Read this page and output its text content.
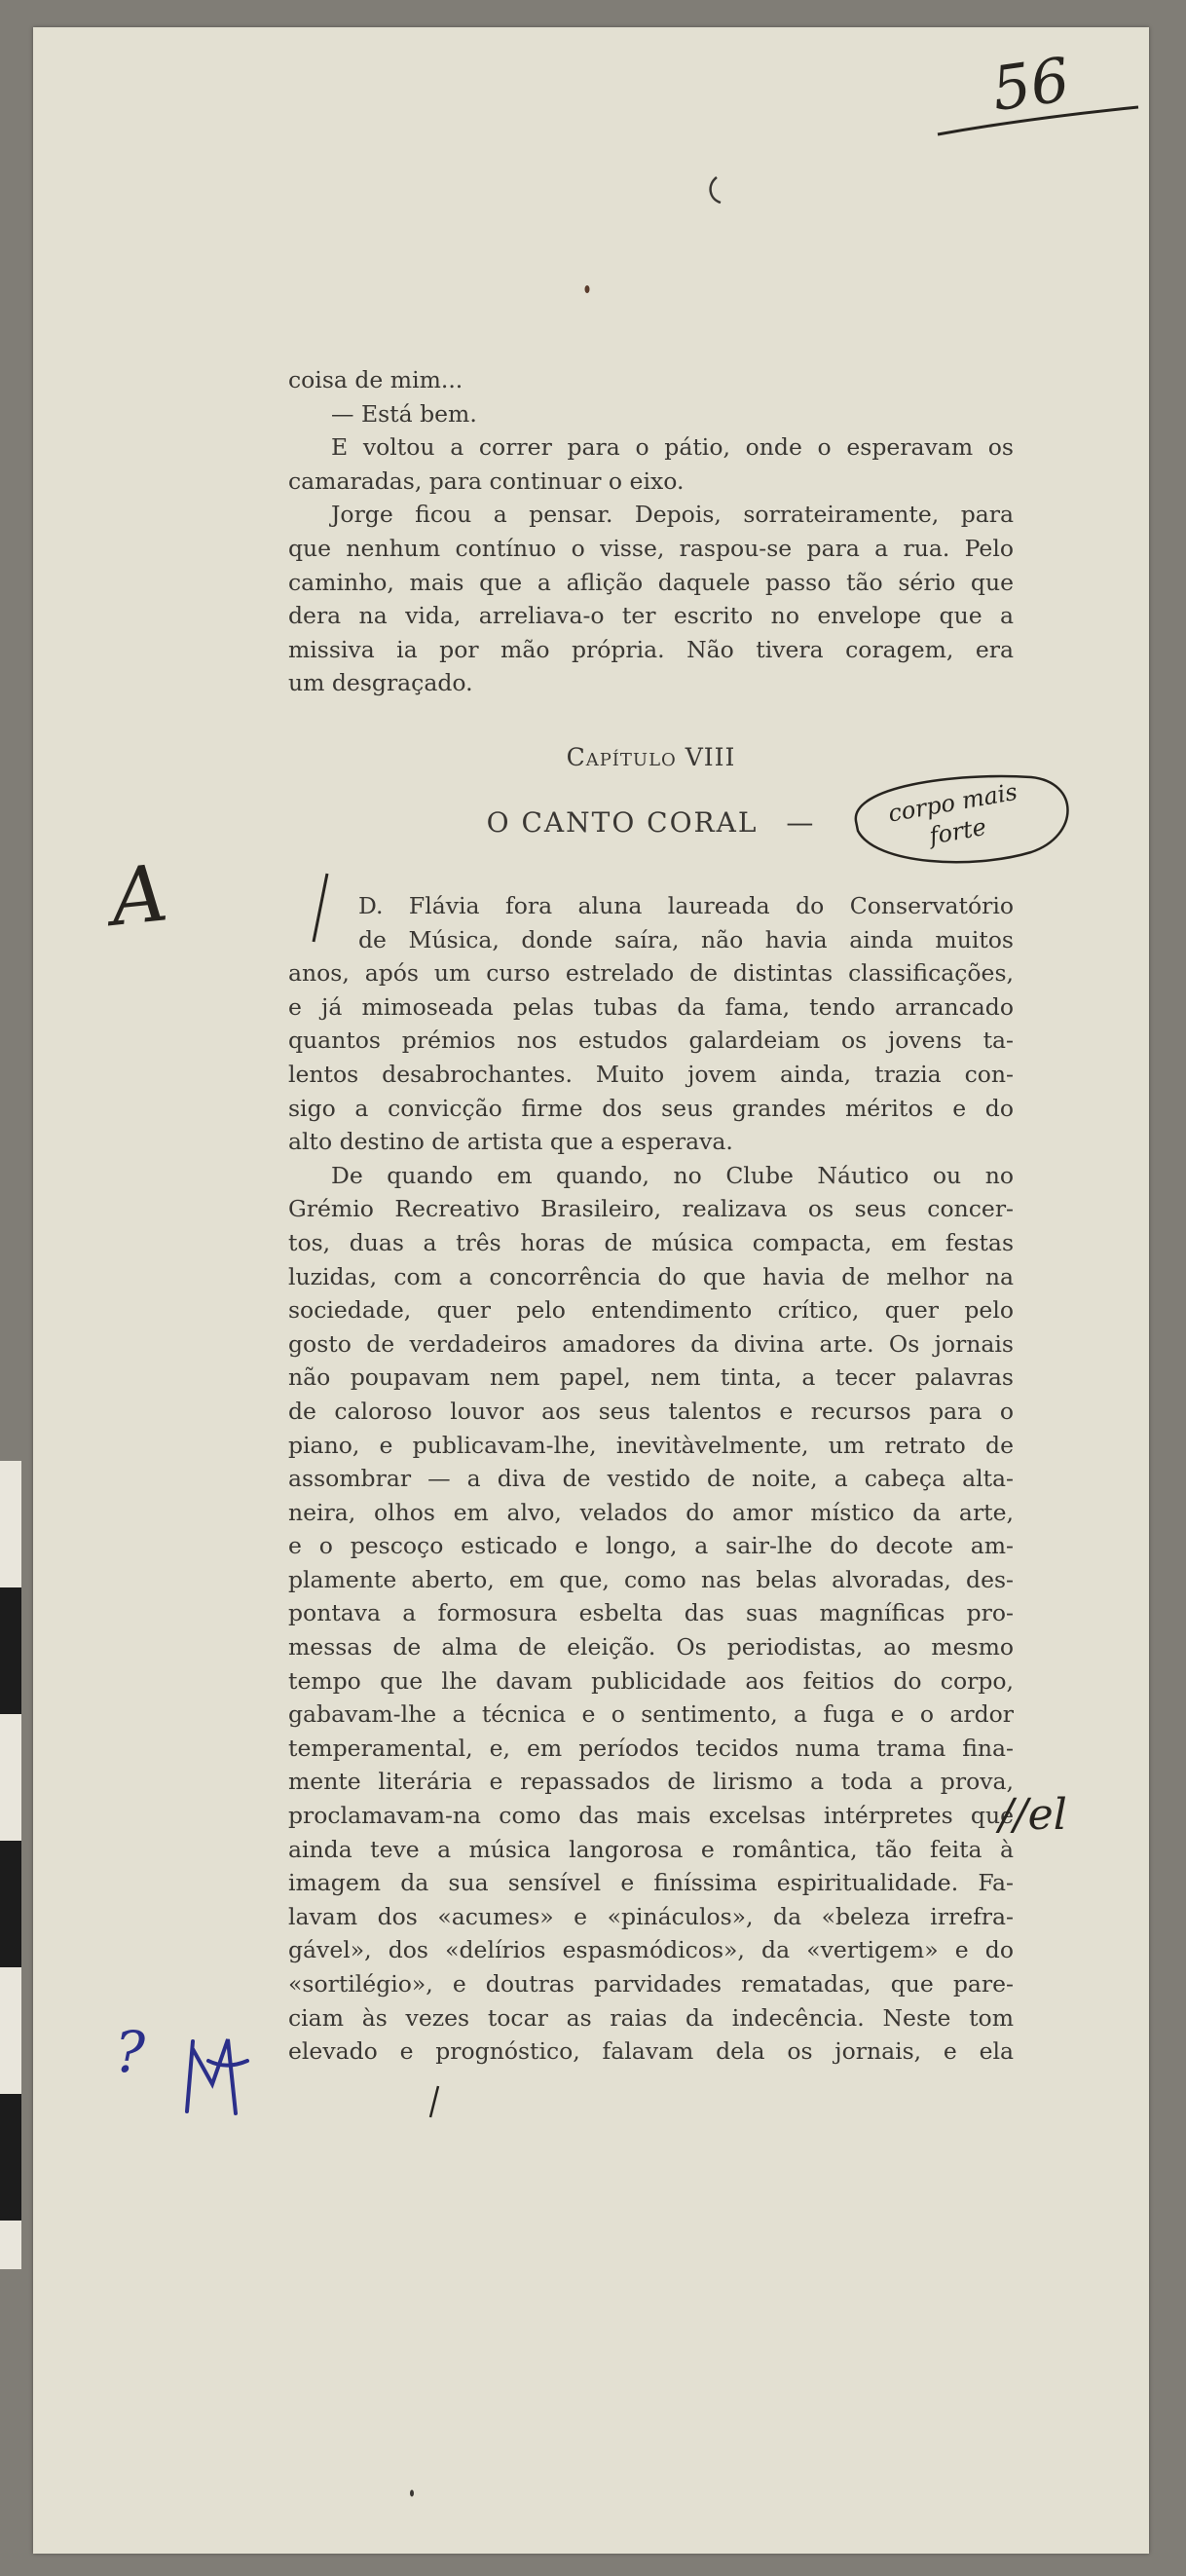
56
coisa de mim...
— Está bem.
E voltou a correr para o pátio, onde o esperavam os
camaradas, para continuar o eixo.
Jorge ficou a pensar. Depois, sorrateiramente, para
que nenhum contínuo o visse, raspou-se para a rua. Pelo
caminho, mais que a aflição daquele passo tão sério que
dera na vida, arreliava-o ter escrito no envelope que a
missiva ia por mão própria. Não tivera coragem, era
um desgraçado.
Capítulo VIII
O CANTO CORAL —
D. Flávia fora aluna laureada do Conservatório
de Música, donde saíra, não havia ainda muitos
anos, após um curso estrelado de distintas classificações,
e já mimoseada pelas tubas da fama, tendo arrancado
quantos prémios nos estudos galardeiam os jovens ta-
lentos desabrochantes. Muito jovem ainda, trazia con-
sigo a convicção firme dos seus grandes méritos e do
alto destino de artista que a esperava.
De quando em quando, no Clube Náutico ou no
Grémio Recreativo Brasileiro, realizava os seus concer-
tos, duas a três horas de música compacta, em festas
luzidas, com a concorrência do que havia de melhor na
sociedade, quer pelo entendimento crítico, quer pelo
gosto de verdadeiros amadores da divina arte. Os jornais
não poupavam nem papel, nem tinta, a tecer palavras
de caloroso louvor aos seus talentos e recursos para o
piano, e publicavam-lhe, inevitàvelmente, um retrato de
assombrar — a diva de vestido de noite, a cabeça alta-
neira, olhos em alvo, velados do amor místico da arte,
e o pescoço esticado e longo, a sair-lhe do decote am-
plamente aberto, em que, como nas belas alvoradas, des-
pontava a formosura esbelta das suas magníficas pro-
messas de alma de eleição. Os periodistas, ao mesmo
tempo que lhe davam publicidade aos feitios do corpo,
gabavam-lhe a técnica e o sentimento, a fuga e o ardor
temperamental, e, em períodos tecidos numa trama fina-
mente literária e repassados de lirismo a toda a prova,
proclamavam-na como das mais excelsas intérpretes que
ainda teve a música langorosa e romântica, tão feita à
imagem da sua sensível e finíssima espiritualidade. Fa-
lavam dos «acumes» e «pináculos», da «beleza irrefra-
gável», dos «delírios espasmódicos», da «vertigem» e do
«sortilégio», e doutras parvidades rematadas, que pare-
ciam às vezes tocar as raias da indecência. Neste tom
elevado e prognóstico, falavam dela os jornais, e ela
corpo mais forte
A
//el
?
